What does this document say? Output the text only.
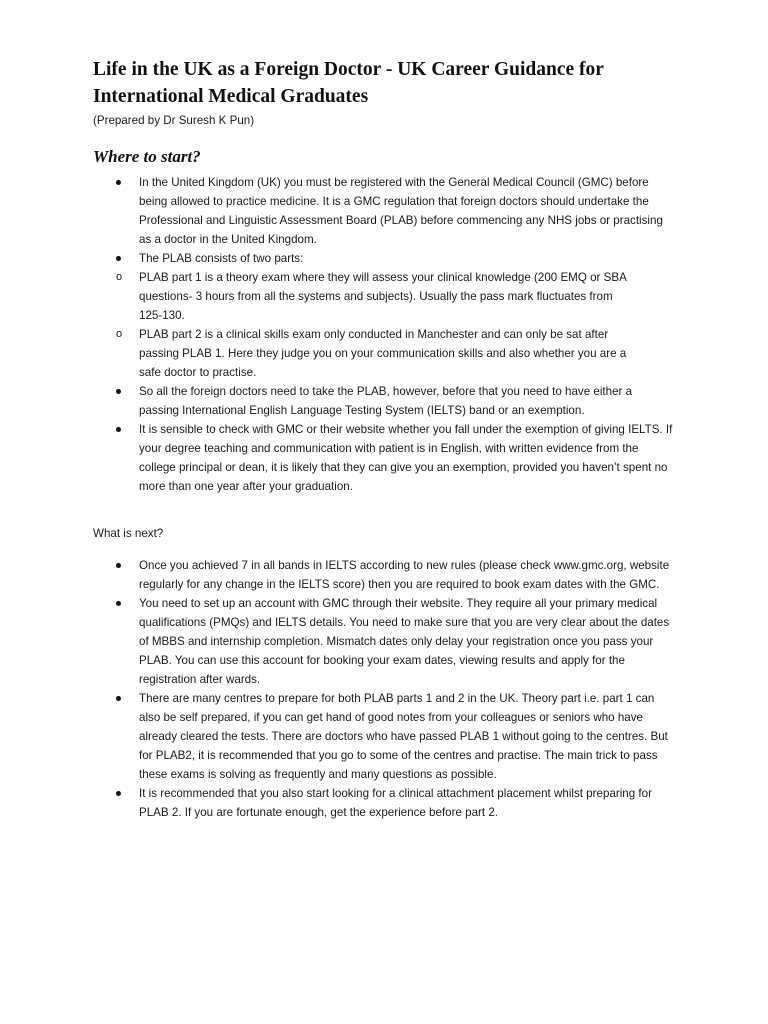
Life in the UK as a Foreign Doctor - UK Career Guidance for International Medical Graduates

(Prepared by Dr Suresh K Pun)

Where to start?
In the United Kingdom (UK) you must be registered with the General Medical Council (GMC) before being allowed to practice medicine. It is a GMC regulation that foreign doctors should undertake the Professional and Linguistic Assessment Board (PLAB) before commencing any NHS jobs or practising as a doctor in the United Kingdom.
The PLAB consists of two parts:
o PLAB part 1 is a theory exam where they will assess your clinical knowledge (200 EMQ or SBA questions- 3 hours from all the systems and subjects). Usually the pass mark fluctuates from 125-130.
o PLAB part 2 is a clinical skills exam only conducted in Manchester and can only be sat after passing PLAB 1. Here they judge you on your communication skills and also whether you are a safe doctor to practise.
So all the foreign doctors need to take the PLAB, however, before that you need to have either a passing International English Language Testing System (IELTS) band or an exemption.
It is sensible to check with GMC or their website whether you fall under the exemption of giving IELTS. If your degree teaching and communication with patient is in English, with written evidence from the college principal or dean, it is likely that they can give you an exemption, provided you haven’t spent no more than one year after your graduation.

What is next?

Once you achieved 7 in all bands in IELTS according to new rules (please check www.gmc.org, website regularly for any change in the IELTS score) then you are required to book exam dates with the GMC.
You need to set up an account with GMC through their website. They require all your primary medical qualifications (PMQs) and IELTS details. You need to make sure that you are very clear about the dates of MBBS and internship completion. Mismatch dates only delay your registration once you pass your PLAB. You can use this account for booking your exam dates, viewing results and apply for the registration after wards.
There are many centres to prepare for both PLAB parts 1 and 2 in the UK. Theory part i.e. part 1 can also be self prepared, if you can get hand of good notes from your colleagues or seniors who have already cleared the tests. There are doctors who have passed PLAB 1 without going to the centres. But for PLAB2, it is recommended that you go to some of the centres and practise. The main trick to pass these exams is solving as frequently and many questions as possible.
It is recommended that you also start looking for a clinical attachment placement whilst preparing for PLAB 2. If you are fortunate enough, get the experience before part 2.
